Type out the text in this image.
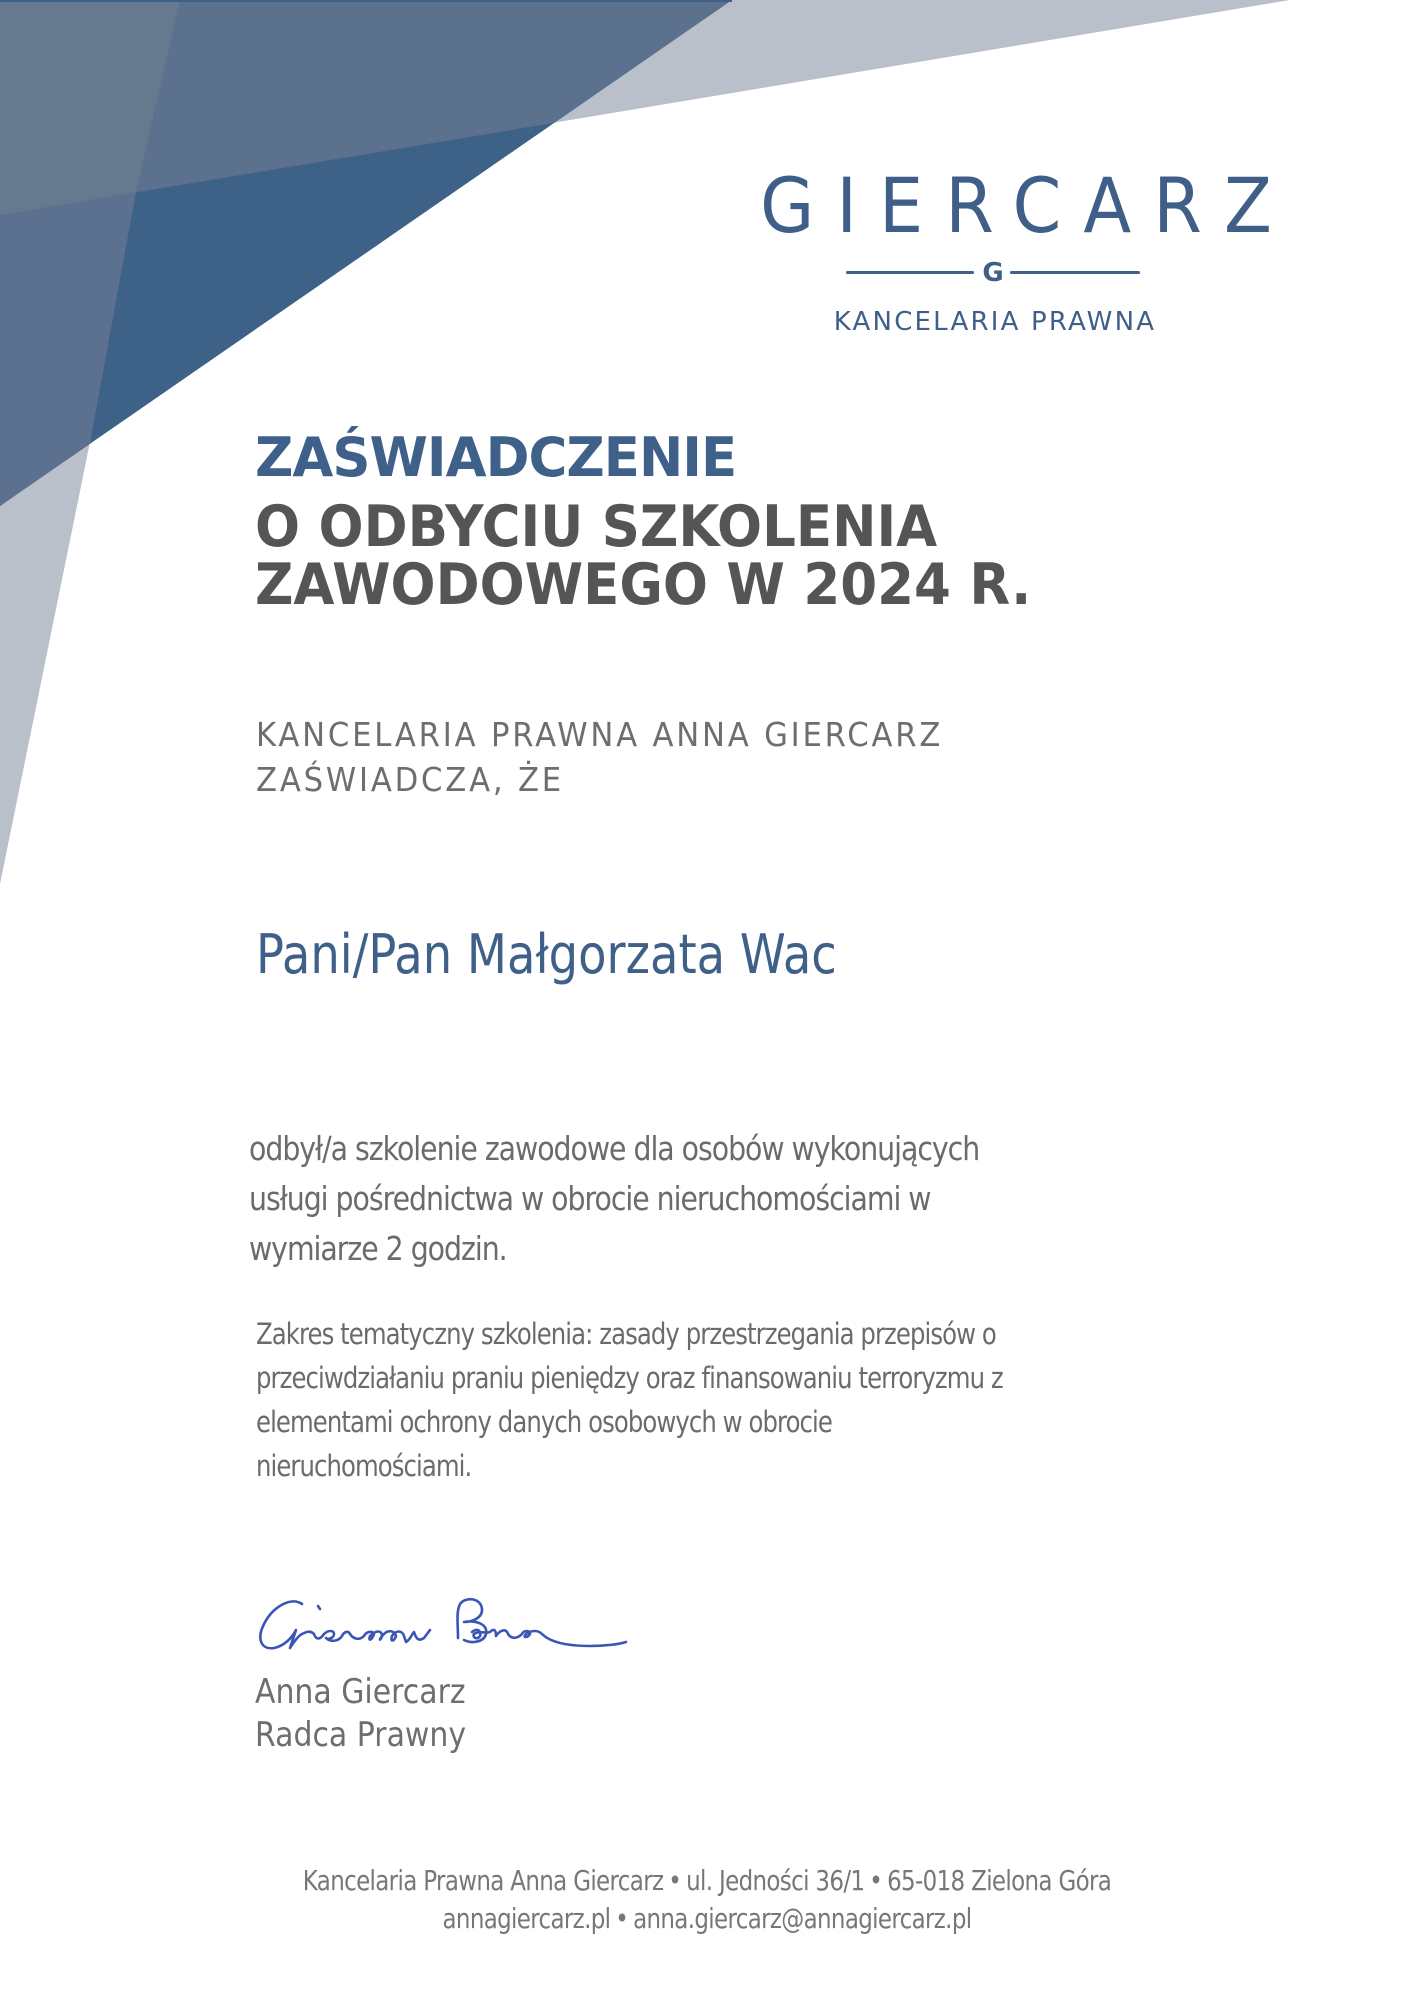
GIERCARZ
G
KANCELARIA PRAWNA
ZAŚWIADCZENIE
O ODBYCIU SZKOLENIA
ZAWODOWEGO W 2024 R.
KANCELARIA PRAWNA ANNA GIERCARZ
ZAŚWIADCZA, ŻE
Pani/Pan Małgorzata Wac
odbył/a szkolenie zawodowe dla osobów wykonujących
usługi pośrednictwa w obrocie nieruchomościami w
wymiarze 2 godzin.
Zakres tematyczny szkolenia: zasady przestrzegania przepisów o
przeciwdziałaniu praniu pieniędzy oraz finansowaniu terroryzmu z
elementami ochrony danych osobowych w obrocie
nieruchomościami.
Anna Giercarz
Radca Prawny
Kancelaria Prawna Anna Giercarz • ul. Jedności 36/1 • 65-018 Zielona Góra
annagiercarz.pl • anna.giercarz@annagiercarz.pl
